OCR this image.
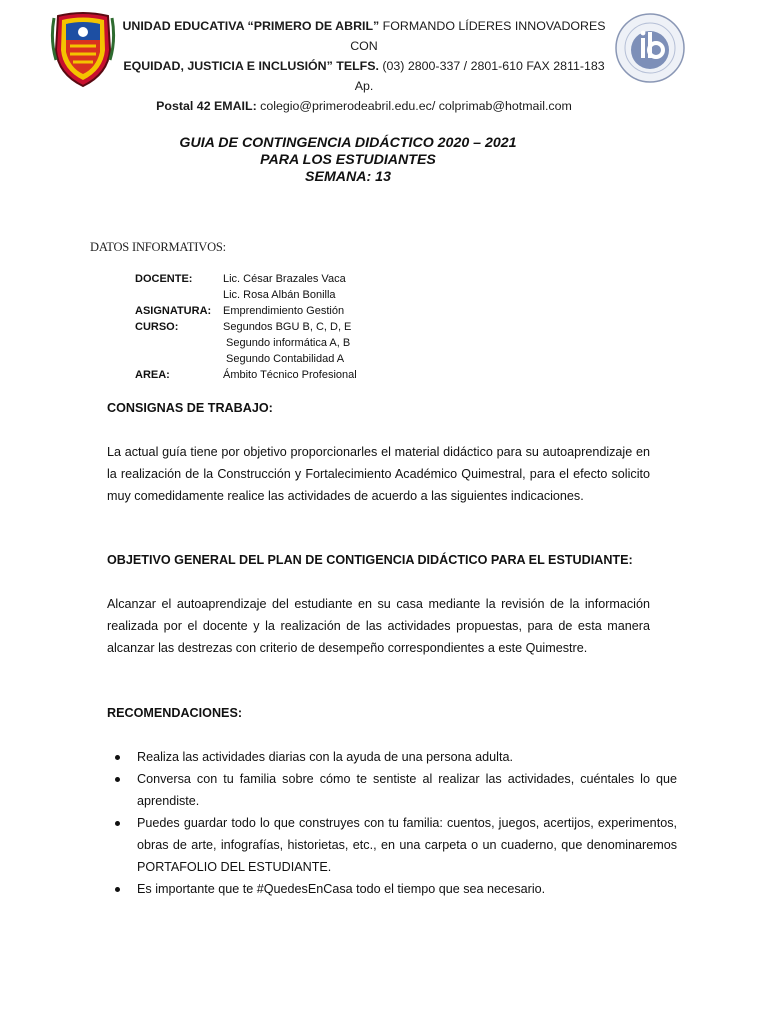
UNIDAD EDUCATIVA “PRIMERO DE ABRIL” FORMANDO LÍDERES INNOVADORES CON
EQUIDAD, JUSTICIA E INCLUSIÓN” TELFS. (03) 2800-337 / 2801-610 FAX 2811-183 Ap.
Postal 42 EMAIL: colegio@primerodeabril.edu.ec/ colprimab@hotmail.com
GUIA DE CONTINGENCIA DIDÁCTICO 2020 – 2021
PARA LOS ESTUDIANTES
SEMANA: 13
DATOS INFORMATIVOS:
DOCENTE:	Lic. César Brazales Vaca
Lic. Rosa Albán Bonilla
ASIGNATURA:	Emprendimiento Gestión
CURSO:	Segundos BGU B, C, D, E
Segundo informática A, B
Segundo Contabilidad A
AREA:	Ámbito Técnico Profesional
CONSIGNAS DE TRABAJO:
La actual guía tiene por objetivo proporcionarles el material didáctico para su autoaprendizaje en la realización de la Construcción y Fortalecimiento Académico Quimestral, para el efecto solicito muy comedidamente realice las actividades de acuerdo a las siguientes indicaciones.
OBJETIVO GENERAL DEL PLAN DE CONTIGENCIA DIDÁCTICO PARA EL ESTUDIANTE:
Alcanzar el autoaprendizaje del estudiante en su casa mediante la revisión de la información realizada por el docente y la realización de las actividades propuestas, para de esta manera alcanzar las destrezas con criterio de desempeño correspondientes a este Quimestre.
RECOMENDACIONES:
Realiza las actividades diarias con la ayuda de una persona adulta.
Conversa con tu familia sobre cómo te sentiste al realizar las actividades, cuéntales lo que aprendiste.
Puedes guardar todo lo que construyes con tu familia: cuentos, juegos, acertijos, experimentos, obras de arte, infografías, historietas, etc., en una carpeta o un cuaderno, que denominaremos PORTAFOLIO DEL ESTUDIANTE.
Es importante que te #QuedesEnCasa todo el tiempo que sea necesario.
